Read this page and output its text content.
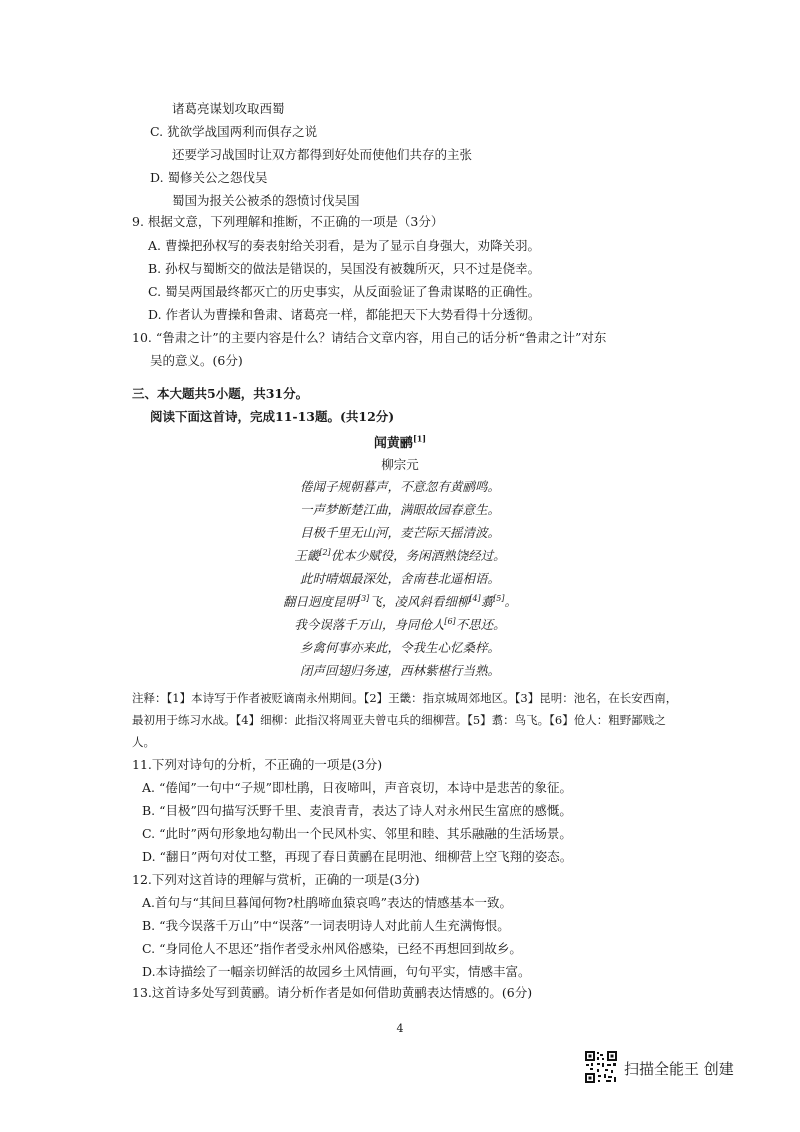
诸葛亮谋划攻取西蜀
C. 犹欲学战国两利而俱存之说
还要学习战国时让双方都得到好处而使他们共存的主张
D. 蜀修关公之怨伐吴
蜀国为报关公被杀的怨愤讨伐吴国
9. 根据文意，下列理解和推断，不正确的一项是（3分）
A. 曹操把孙权写的奏表射给关羽看，是为了显示自身强大，劝降关羽。
B. 孙权与蜀断交的做法是错误的，吴国没有被魏所灭，只不过是侥幸。
C. 蜀吴两国最终都灭亡的历史事实，从反面验证了鲁肃谋略的正确性。
D. 作者认为曹操和鲁肃、诸葛亮一样，都能把天下大势看得十分透彻。
10. “鲁肃之计”的主要内容是什么？请结合文章内容，用自己的话分析“鲁肃之计”对东
吴的意义。(6分)
三、本大题共5小题，共31分。
阅读下面这首诗，完成11-13题。(共12分)
闻黄鹂[1]
柳宗元
倦闻子规朝暮声，不意忽有黄鹂鸣。
一声梦断楚江曲，满眼故园春意生。
目极千里无山河，麦芒际天摇清波。
王畿[2]优本少赋役，务闲酒熟饶经过。
此时晴烟最深处，舍南巷北遥相语。
翻日迥度昆明[3]飞，凌风斜看细柳[4]翥[5]。
我今误落千万山，身同伧人[6]不思还。
乡禽何事亦来此，令我生心忆桑梓。
闭声回翅归务速，西林紫椹行当熟。
注释：【1】本诗写于作者被贬谪南永州期间。【2】王畿：指京城周郊地区。【3】昆明：池名，在长安西南，
最初用于练习水战。【4】细柳：此指汉将周亚夫曾屯兵的细柳营。【5】翥：鸟飞。【6】伧人：粗野鄙贱之
人。
11.下列对诗句的分析，不正确的一项是(3分)
A. “倦闻”一句中“子规”即杜鹃，日夜啼叫，声音哀切，本诗中是悲苦的象征。
B. “目极”四句描写沃野千里、麦浪青青，表达了诗人对永州民生富庶的感慨。
C. “此时”两句形象地勾勒出一个民风朴实、邻里和睦、其乐融融的生活场景。
D. “翻日”两句对仗工整，再现了春日黄鹂在昆明池、细柳营上空飞翔的姿态。
12.下列对这首诗的理解与赏析，正确的一项是(3分)
A.首句与“其间旦暮闻何物?杜鹃啼血猿哀鸣”表达的情感基本一致。
B. “我今误落千万山”中“误落”一词表明诗人对此前人生充满悔恨。
C. “身同伧人不思还”指作者受永州风俗感染，已经不再想回到故乡。
D.本诗描绘了一幅亲切鲜活的故园乡土风情画，句句平实，情感丰富。
13.这首诗多处写到黄鹂。请分析作者是如何借助黄鹂表达情感的。(6分)
4
扫描全能王 创建
